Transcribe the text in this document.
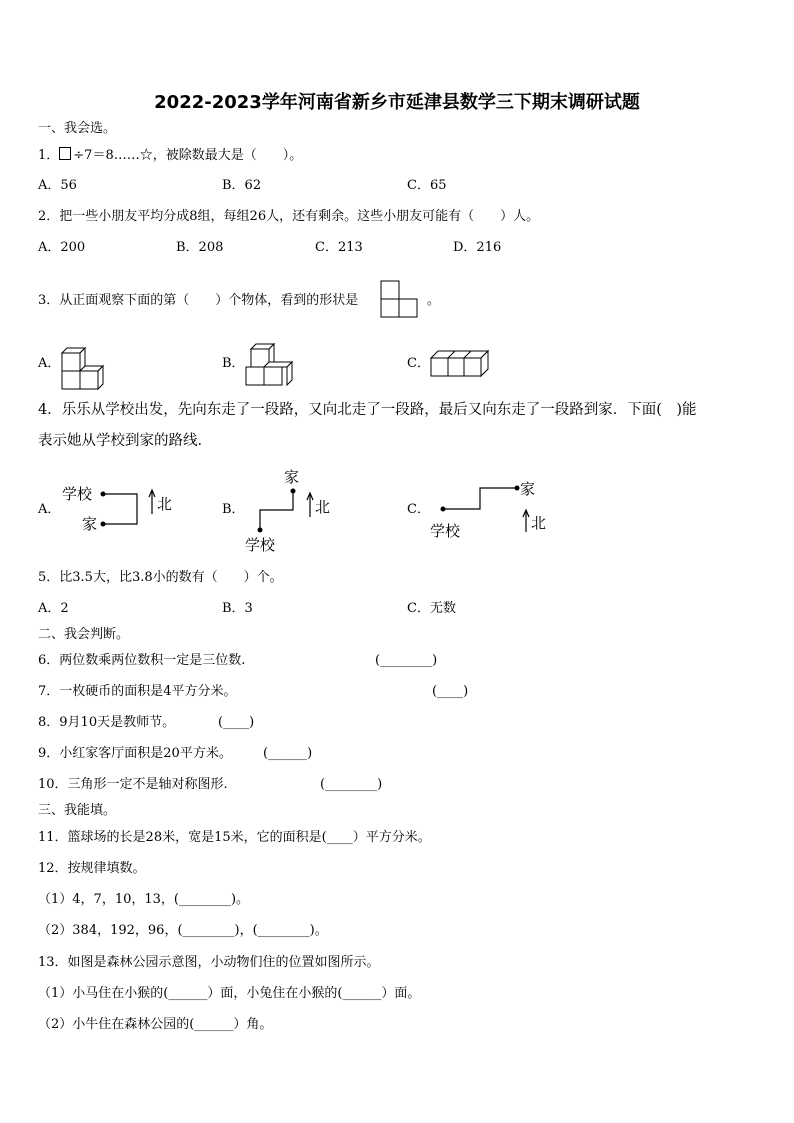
2022-2023学年河南省新乡市延津县数学三下期末调研试题
一、我会选。
1． ÷7＝8……☆，被除数最大是（　　）。
A．56	B．62	C．65
2．把一些小朋友平均分成8组，每组26人，还有剩余。这些小朋友可能有（　　）人。
A．200	B．208	C．213	D．216
3．从正面观察下面的第（　　）个物体，看到的形状是	。
A．	B．	C．
4．乐乐从学校出发，先向东走了一段路，又向北走了一段路，最后又向东走了一段路到家．下面(　)能
表示她从学校到家的路线．
A．
学校
家
北	B．
家
学校
北	C．
家
学校	北
5．比3.5大，比3.8小的数有（　　）个。
A．2	B．3	C．无数
二、我会判断。
6．两位数乘两位数积一定是三位数.	(________)
7．一枚硬币的面积是4平方分米。	(____)
8．9月10天是教师节。	(____)
9．小红家客厅面积是20平方米。 (______)
10．三角形一定不是轴对称图形.	(________)
三、我能填。
11．篮球场的长是28米，宽是15米，它的面积是(____）平方分米。
12．按规律填数。
（1）4，7，10，13，(________)。
（2）384，192，96，(________)，(________)。
13．如图是森林公园示意图，小动物们住的位置如图所示。
（1）小马住在小猴的(______）面，小兔住在小猴的(______）面。
（2）小牛住在森林公园的(______）角。
